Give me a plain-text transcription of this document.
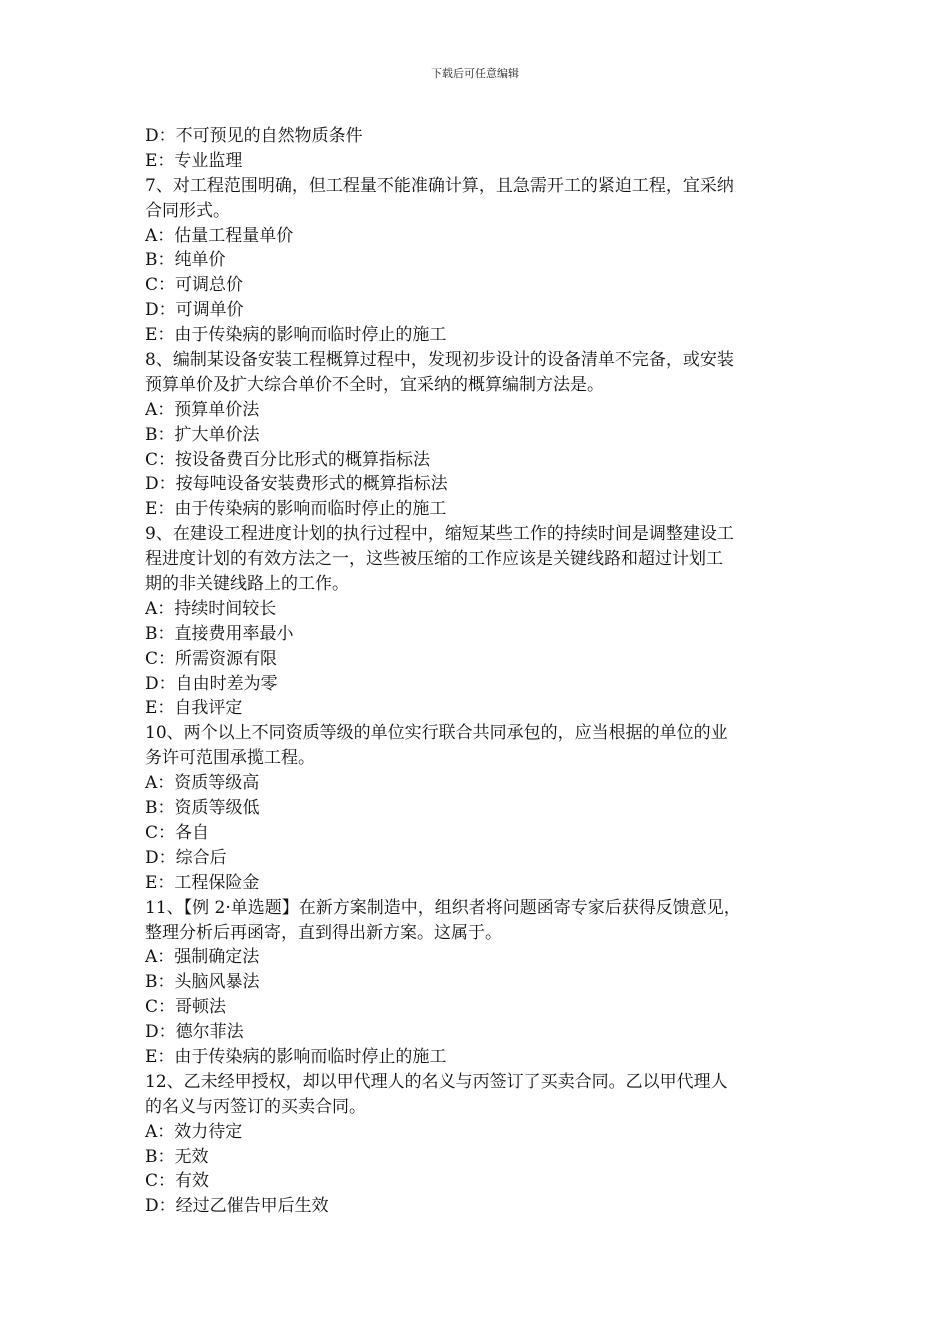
下载后可任意编辑
D：不可预见的自然物质条件
E：专业监理
7、对工程范围明确，但工程量不能准确计算，且急需开工的紧迫工程，宜采纳
合同形式。
A：估量工程量单价
B：纯单价
C：可调总价
D：可调单价
E：由于传染病的影响而临时停止的施工
8、编制某设备安装工程概算过程中，发现初步设计的设备清单不完备，或安装
预算单价及扩大综合单价不全时，宜采纳的概算编制方法是。
A：预算单价法
B：扩大单价法
C：按设备费百分比形式的概算指标法
D：按每吨设备安装费形式的概算指标法
E：由于传染病的影响而临时停止的施工
9、在建设工程进度计划的执行过程中，缩短某些工作的持续时间是调整建设工
程进度计划的有效方法之一，这些被压缩的工作应该是关键线路和超过计划工
期的非关键线路上的工作。
A：持续时间较长
B：直接费用率最小
C：所需资源有限
D：自由时差为零
E：自我评定
10、两个以上不同资质等级的单位实行联合共同承包的，应当根据的单位的业
务许可范围承揽工程。
A：资质等级高
B：资质等级低
C：各自
D：综合后
E：工程保险金
11、【例 2·单选题】在新方案制造中，组织者将问题函寄专家后获得反馈意见，
整理分析后再函寄，直到得出新方案。这属于。
A：强制确定法
B：头脑风暴法
C：哥顿法
D：德尔菲法
E：由于传染病的影响而临时停止的施工
12、乙未经甲授权，却以甲代理人的名义与丙签订了买卖合同。乙以甲代理人
的名义与丙签订的买卖合同。
A：效力待定
B：无效
C：有效
D：经过乙催告甲后生效
